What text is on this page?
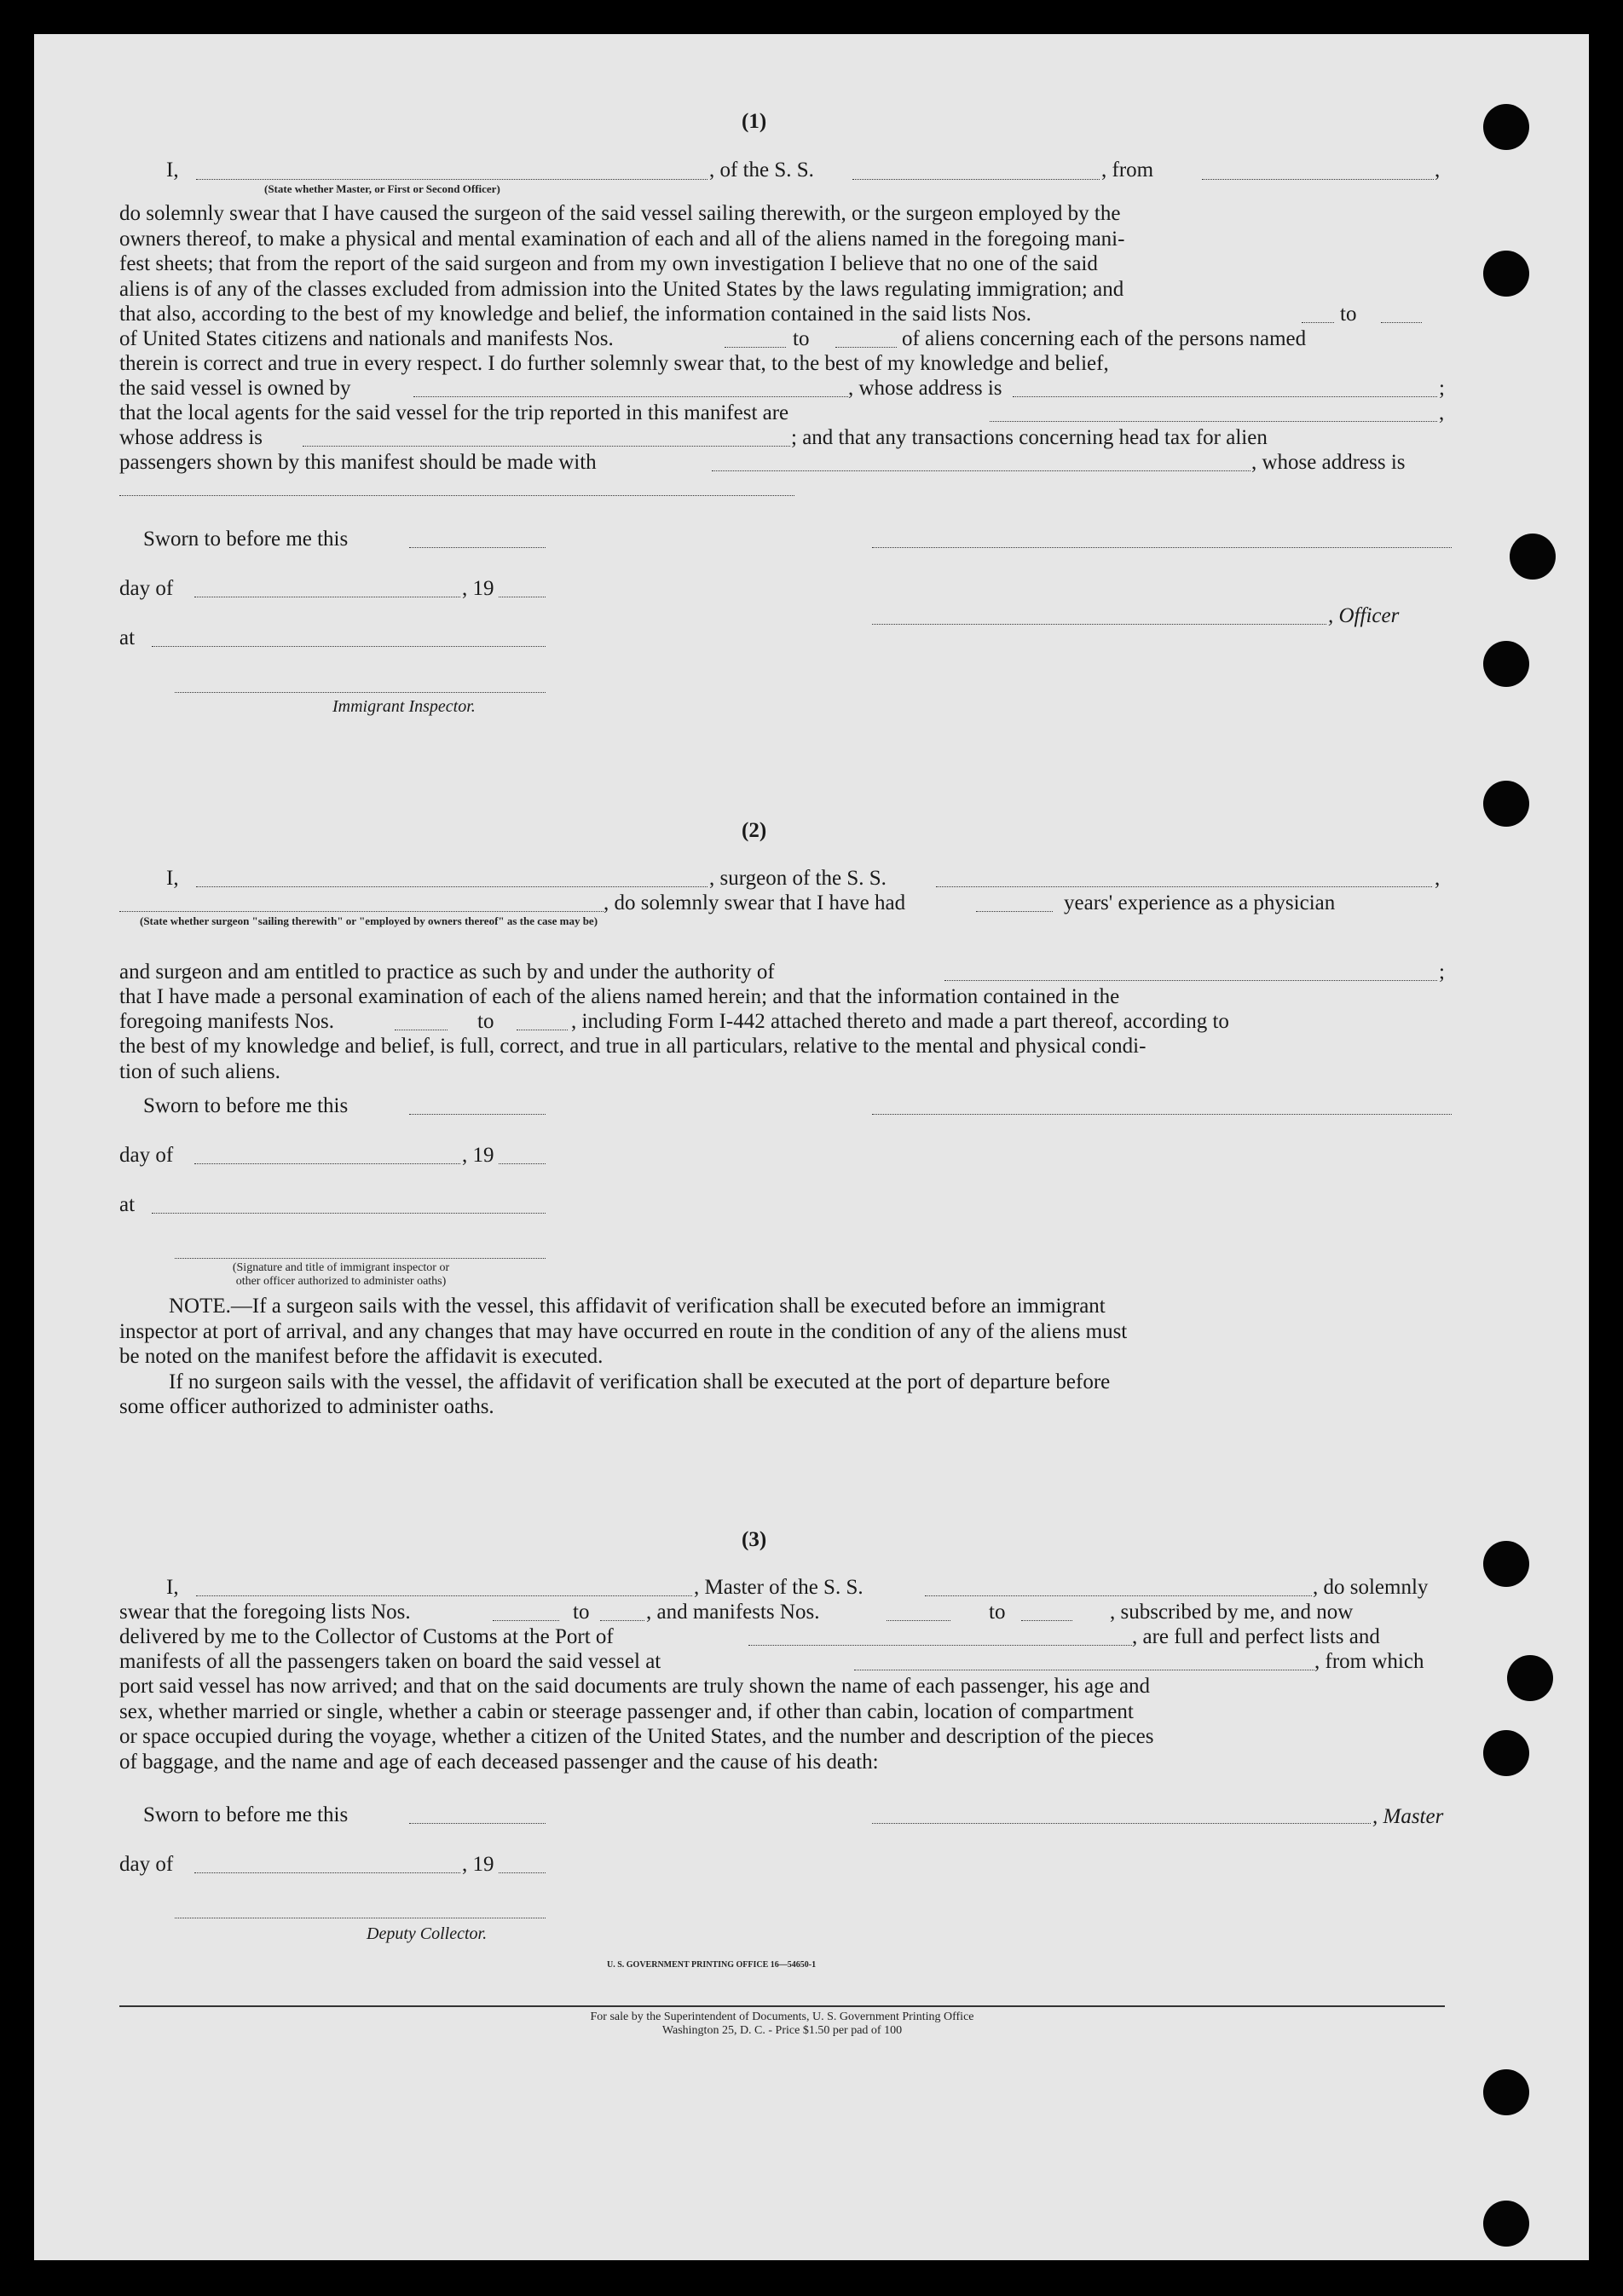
(1)
I,	, of the S. S.	, from	,
(State whether Master, or First or Second Officer)
do solemnly swear that I have caused the surgeon of the said vessel sailing therewith, or the surgeon employed by the
owners thereof, to make a physical and mental examination of each and all of the aliens named in the foregoing mani-
fest sheets; that from the report of the said surgeon and from my own investigation I believe that no one of the said
aliens is of any of the classes excluded from admission into the United States by the laws regulating immigration; and
that also, according to the best of my knowledge and belief, the information contained in the said lists Nos.	to

of United States citizens and nationals and manifests Nos.	to	of aliens concerning each of the persons named
therein is correct and true in every respect. I do further solemnly swear that, to the best of my knowledge and belief,
the said vessel is owned by	, whose address is	;
that the local agents for the said vessel for the trip reported in this manifest are	,
whose address is	; and that any transactions concerning head tax for alien
passengers shown by this manifest should be made with	, whose address is
Sworn to before me this
day of	, 19
, Officer
at
Immigrant Inspector.
(2)
I,	, surgeon of the S. S.	,
, do solemnly swear that I have had	years' experience as a physician
(State whether surgeon "sailing therewith" or "employed by owners thereof" as the case may be)
and surgeon and am entitled to practice as such by and under the authority of	;
that I have made a personal examination of each of the aliens named herein; and that the information contained in the
foregoing manifests Nos.	to	, including Form I-442 attached thereto and made a part thereof, according to
the best of my knowledge and belief, is full, correct, and true in all particulars, relative to the mental and physical condi-
tion of such aliens.
Sworn to before me this
day of	, 19
at
(Signature and title of immigrant inspector or
other officer authorized to administer oaths)
NOTE.—If a surgeon sails with the vessel, this affidavit of verification shall be executed before an immigrant
inspector at port of arrival, and any changes that may have occurred en route in the condition of any of the aliens must
be noted on the manifest before the affidavit is executed.
If no surgeon sails with the vessel, the affidavit of verification shall be executed at the port of departure before
some officer authorized to administer oaths.
(3)
I,	, Master of the S. S.	, do solemnly
swear that the foregoing lists Nos.	to	, and manifests Nos.	to	, subscribed by me, and now
delivered by me to the Collector of Customs at the Port of	, are full and perfect lists and
manifests of all the passengers taken on board the said vessel at	, from which
port said vessel has now arrived; and that on the said documents are truly shown the name of each passenger, his age and
sex, whether married or single, whether a cabin or steerage passenger and, if other than cabin, location of compartment
or space occupied during the voyage, whether a citizen of the United States, and the number and description of the pieces
of baggage, and the name and age of each deceased passenger and the cause of his death:
Sworn to before me this	, Master
day of	, 19
Deputy Collector.
U. S. GOVERNMENT PRINTING OFFICE 16—54650-1
For sale by the Superintendent of Documents, U. S. Government Printing Office
Washington 25, D. C. - Price $1.50 per pad of 100
